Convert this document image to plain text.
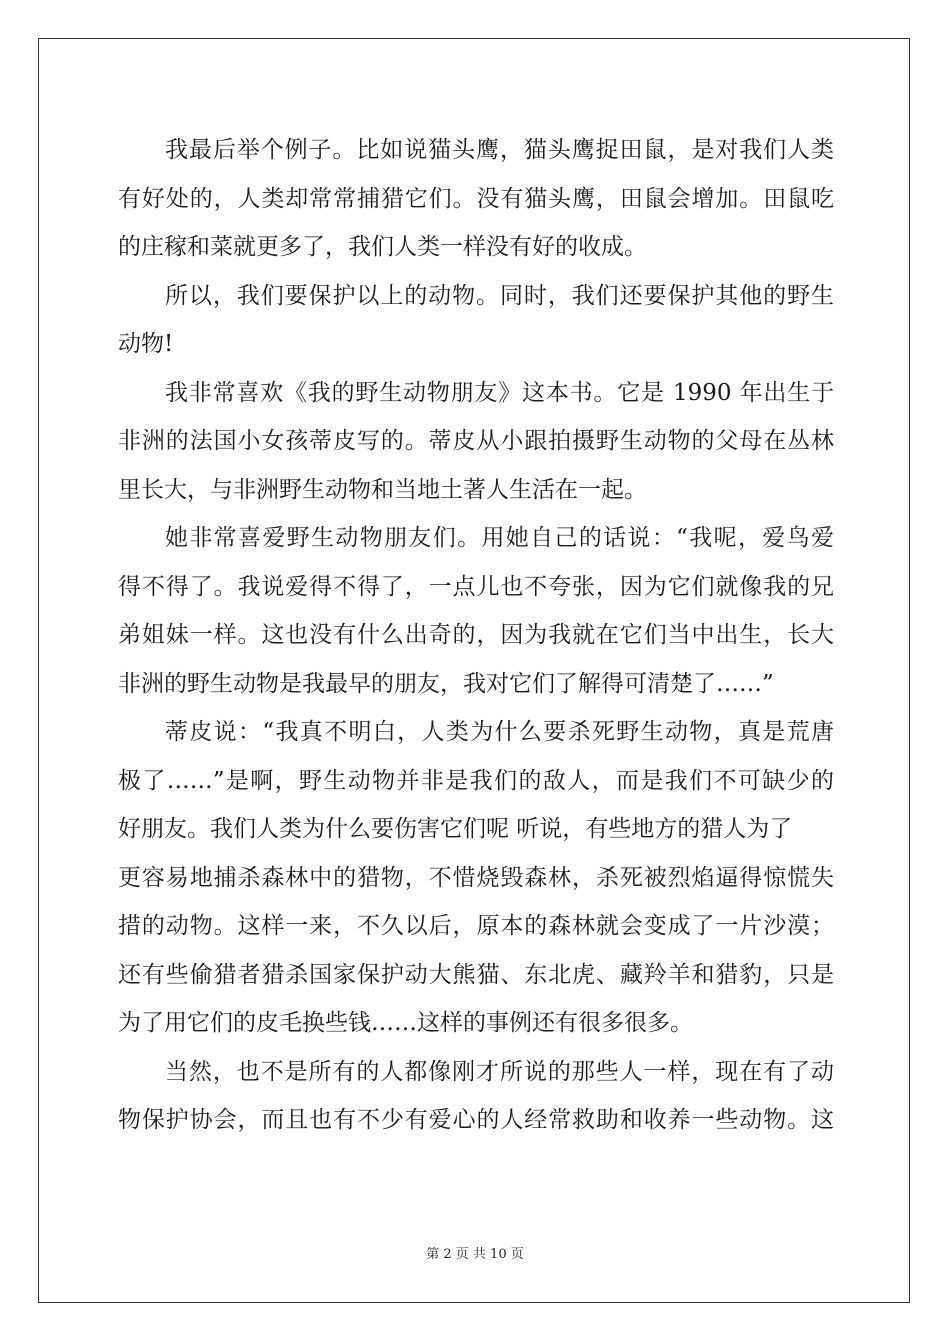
我最后举个例子。比如说猫头鹰，猫头鹰捉田鼠，是对我们人类
有好处的，人类却常常捕猎它们。没有猫头鹰，田鼠会增加。田鼠吃
的庄稼和菜就更多了，我们人类一样没有好的收成。
所以，我们要保护以上的动物。同时，我们还要保护其他的野生
动物!
我非常喜欢《我的野生动物朋友》这本书。它是 1990 年出生于
非洲的法国小女孩蒂皮写的。蒂皮从小跟拍摄野生动物的父母在丛林
里长大，与非洲野生动物和当地土著人生活在一起。
她非常喜爱野生动物朋友们。用她自己的话说：“我呢，爱鸟爱
得不得了。我说爱得不得了，一点儿也不夸张，因为它们就像我的兄
弟姐妹一样。这也没有什么出奇的，因为我就在它们当中出生，长大
非洲的野生动物是我最早的朋友，我对它们了解得可清楚了……”
蒂皮说：“我真不明白，人类为什么要杀死野生动物，真是荒唐
极了……”是啊，野生动物并非是我们的敌人，而是我们不可缺少的
好朋友。我们人类为什么要伤害它们呢 听说，有些地方的猎人为了
更容易地捕杀森林中的猎物，不惜烧毁森林，杀死被烈焰逼得惊慌失
措的动物。这样一来，不久以后，原本的森林就会变成了一片沙漠；
还有些偷猎者猎杀国家保护动大熊猫、东北虎、藏羚羊和猎豹，只是
为了用它们的皮毛换些钱……这样的事例还有很多很多。
当然，也不是所有的人都像刚才所说的那些人一样，现在有了动
物保护协会，而且也有不少有爱心的人经常救助和收养一些动物。这
第 2 页 共 10 页
